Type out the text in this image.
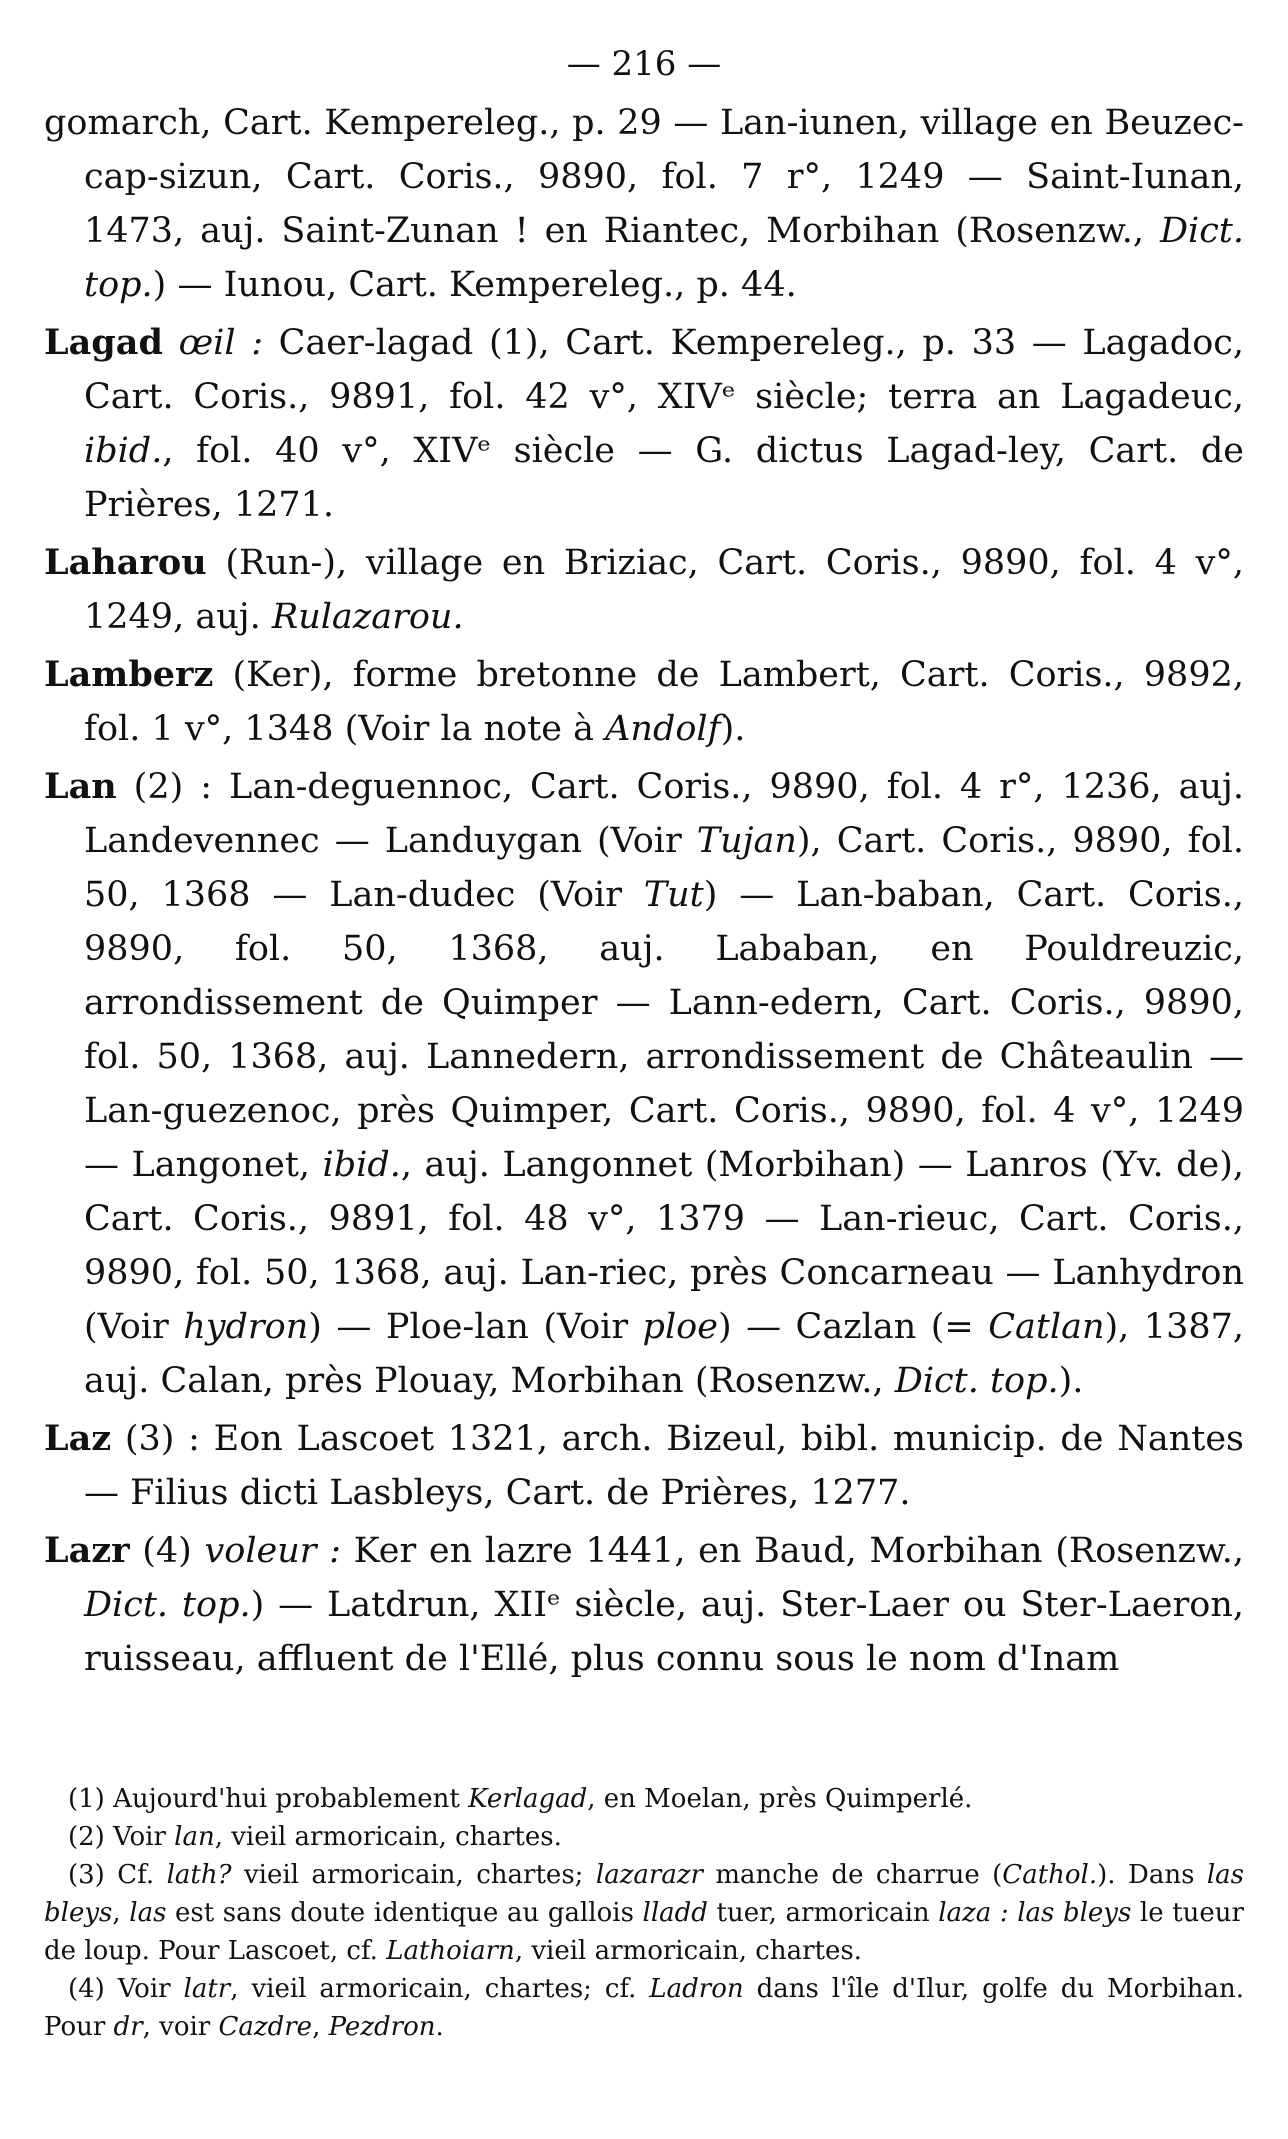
— 216 —

gomarch, Cart. Kempereleg., p. 29 — Lan-iunen, village en Beuzec-cap-sizun, Cart. Coris., 9890, fol. 7 r°, 1249 — Saint-Iunan, 1473, auj. Saint-Zunan ! en Riantec, Morbihan (Rosenzw., Dict. top.) — Iunou, Cart. Kempereleg., p. 44.

Lagad œil : Caer-lagad (1), Cart. Kempereleg., p. 33 — Lagadoc, Cart. Coris., 9891, fol. 42 v°, XIVᵉ siècle; terra an Lagadeuc, ibid., fol. 40 v°, XIVᵉ siècle — G. dictus Lagad-ley, Cart. de Prières, 1271.

Laharou (Run-), village en Briziac, Cart. Coris., 9890, fol. 4 v°, 1249, auj. Rulazarou.

Lamberz (Ker), forme bretonne de Lambert, Cart. Coris., 9892, fol. 1 v°, 1348 (Voir la note à Andolf).

Lan (2) : Lan-deguennoc, Cart. Coris., 9890, fol. 4 r°, 1236, auj. Landevennec — Landuygan (Voir Tujan), Cart. Coris., 9890, fol. 50, 1368 — Lan-dudec (Voir Tut) — Lan-baban, Cart. Coris., 9890, fol. 50, 1368, auj. Lababan, en Pouldreuzic, arrondissement de Quimper — Lann-edern, Cart. Coris., 9890, fol. 50, 1368, auj. Lannedern, arrondissement de Châteaulin — Lan-guezenoc, près Quimper, Cart. Coris., 9890, fol. 4 v°, 1249 — Langonet, ibid., auj. Langonnet (Morbihan) — Lanros (Yv. de), Cart. Coris., 9891, fol. 48 v°, 1379 — Lan-rieuc, Cart. Coris., 9890, fol. 50, 1368, auj. Lan-riec, près Concarneau — Lanhydron (Voir hydron) — Ploe-lan (Voir ploe) — Cazlan (= Catlan), 1387, auj. Calan, près Plouay, Morbihan (Rosenzw., Dict. top.).

Laz (3) : Eon Lascoet 1321, arch. Bizeul, bibl. municip. de Nantes — Filius dicti Lasbleys, Cart. de Prières, 1277.

Lazr (4) voleur : Ker en lazre 1441, en Baud, Morbihan (Rosenzw., Dict. top.) — Latdrun, XIIᵉ siècle, auj. Ster-Laer ou Ster-Laeron, ruisseau, affluent de l'Ellé, plus connu sous le nom d'Inam

(1) Aujourd'hui probablement Kerlagad, en Moelan, près Quimperlé.

(2) Voir lan, vieil armoricain, chartes.

(3) Cf. lath? vieil armoricain, chartes; lazarazr manche de charrue (Cathol.). Dans las bleys, las est sans doute identique au gallois lladd tuer, armoricain laza : las bleys le tueur de loup. Pour Lascoet, cf. Lathoiarn, vieil armoricain, chartes.

(4) Voir latr, vieil armoricain, chartes; cf. Ladron dans l'île d'Ilur, golfe du Morbihan. Pour dr, voir Cazdre, Pezdron.
